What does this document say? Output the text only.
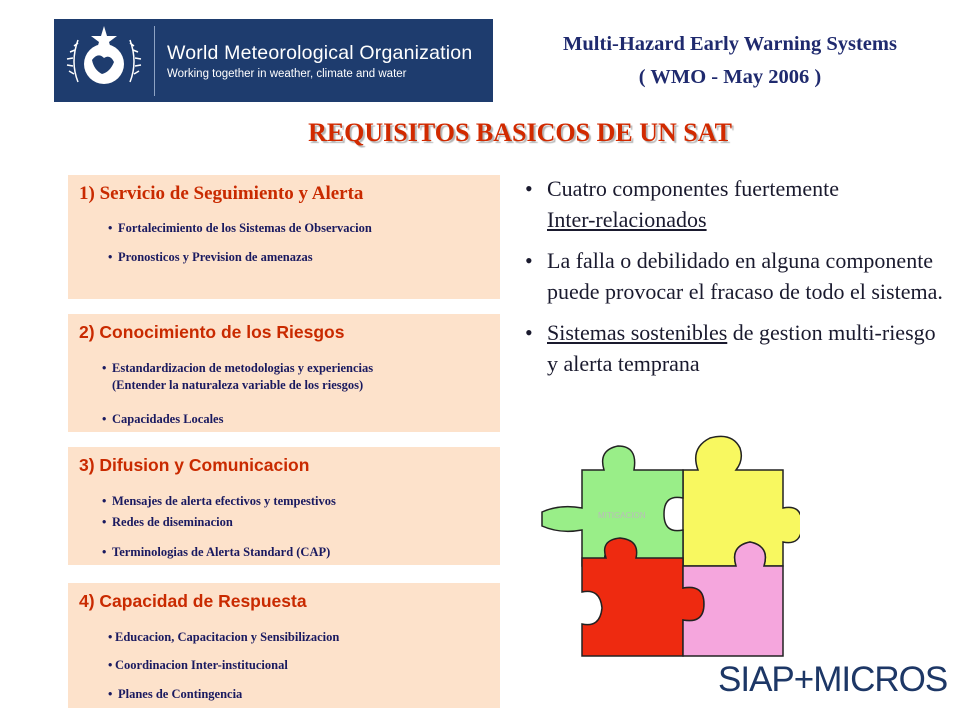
World Meteorological Organization
Working together in weather, climate and water
Multi-Hazard Early Warning Systems
( WMO - May 2006 )
REQUISITOS BASICOS DE UN SAT
1) Servicio de Seguimiento y Alerta
• Fortalecimiento de los Sistemas de Observacion
• Pronosticos y Prevision de amenazas
2) Conocimiento de los Riesgos
• Estandardizacion de metodologias y experiencias
(Entender la naturaleza variable de los riesgos)
• Capacidades Locales
3) Difusion y Comunicacion
• Mensajes de alerta efectivos y tempestivos
• Redes de diseminacion
• Terminologias de Alerta Standard (CAP)
4) Capacidad de Respuesta
• Educacion, Capacitacion y Sensibilizacion
• Coordinacion Inter-institucional
• Planes de Contingencia
• Cuatro componentes fuertemente
Inter-relacionados
• La falla o debilidado en alguna componente puede provocar el fracaso de todo el sistema.
• Sistemas sostenibles de gestion multi-riesgo y alerta temprana
MITIGACION
SIAP+MICROS
